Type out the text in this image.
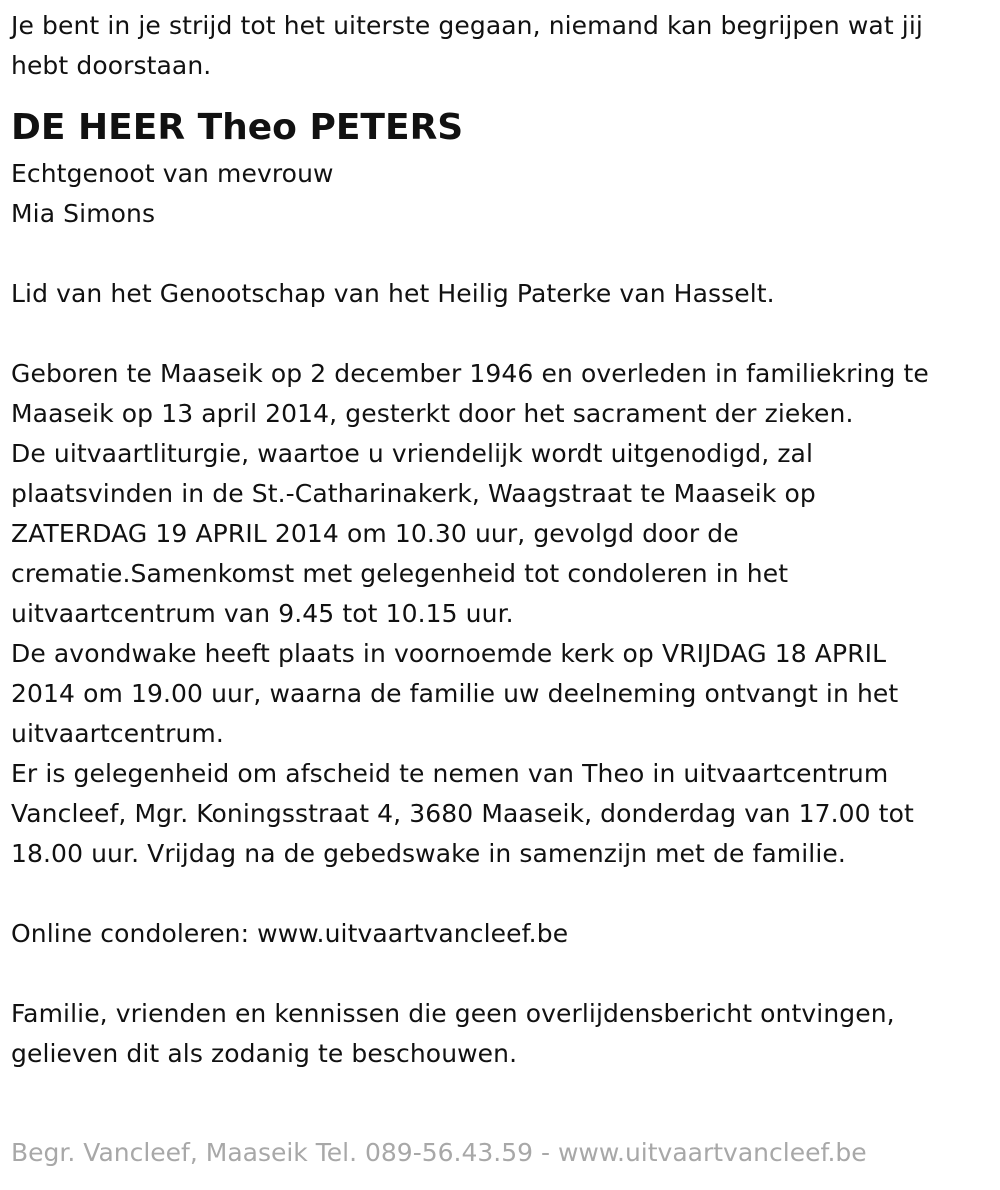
Je bent in je strijd tot het uiterste gegaan, niemand kan begrijpen wat jij
hebt doorstaan.
DE HEER Theo PETERS
Echtgenoot van mevrouw
Mia Simons
Lid van het Genootschap van het Heilig Paterke van Hasselt.
Geboren te Maaseik op 2 december 1946 en overleden in familiekring te
Maaseik op 13 april 2014, gesterkt door het sacrament der zieken.
De uitvaartliturgie, waartoe u vriendelijk wordt uitgenodigd, zal
plaatsvinden in de St.-Catharinakerk, Waagstraat te Maaseik op
ZATERDAG 19 APRIL 2014 om 10.30 uur, gevolgd door de
crematie.Samenkomst met gelegenheid tot condoleren in het
uitvaartcentrum van 9.45 tot 10.15 uur.
De avondwake heeft plaats in voornoemde kerk op VRIJDAG 18 APRIL
2014 om 19.00 uur, waarna de familie uw deelneming ontvangt in het
uitvaartcentrum.
Er is gelegenheid om afscheid te nemen van Theo in uitvaartcentrum
Vancleef, Mgr. Koningsstraat 4, 3680 Maaseik, donderdag van 17.00 tot
18.00 uur. Vrijdag na de gebedswake in samenzijn met de familie.
Online condoleren: www.uitvaartvancleef.be
Familie, vrienden en kennissen die geen overlijdensbericht ontvingen,
gelieven dit als zodanig te beschouwen.
Begr. Vancleef, Maaseik Tel. 089-56.43.59 - www.uitvaartvancleef.be
